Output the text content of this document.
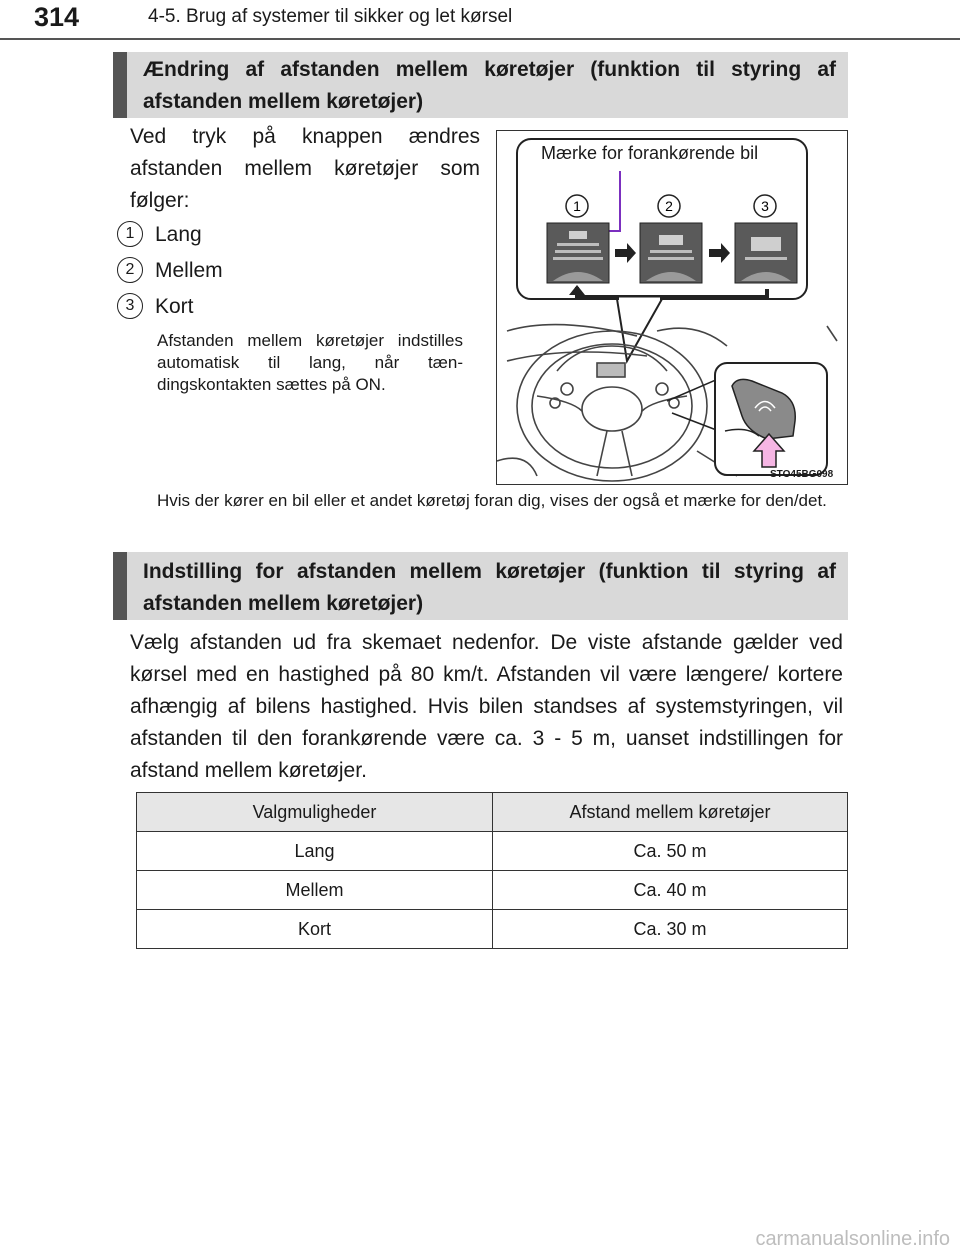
314	4-5. Brug af systemer til sikker og let kørsel
Ændring af afstanden mellem køretøjer (funktion til styring af afstanden mellem køretøjer)
Ved tryk på knappen ændres afstanden mellem køretøjer som følger:
1 Lang
2 Mellem
3 Kort
Afstanden mellem køretøjer indstilles automatisk til lang, når tændingskontakten sættes på ON.
1	2	3
Mærke for forankørende bil
STO45BG098
Hvis der kører en bil eller et andet køretøj foran dig, vises der også et mærke for den/det.
Indstilling for afstanden mellem køretøjer (funktion til styring af afstanden mellem køretøjer)
Vælg afstanden ud fra skemaet nedenfor. De viste afstande gælder ved kørsel med en hastighed på 80 km/t. Afstanden vil være længere/ kortere afhængig af bilens hastighed. Hvis bilen standses af systemstyringen, vil afstanden til den forankørende være ca. 3 - 5 m, uanset indstillingen for afstand mellem køretøjer.
Valgmuligheder	Afstand mellem køretøjer
Lang	Ca. 50 m
Mellem	Ca. 40 m
Kort	Ca. 30 m
carmanualsonline.info
